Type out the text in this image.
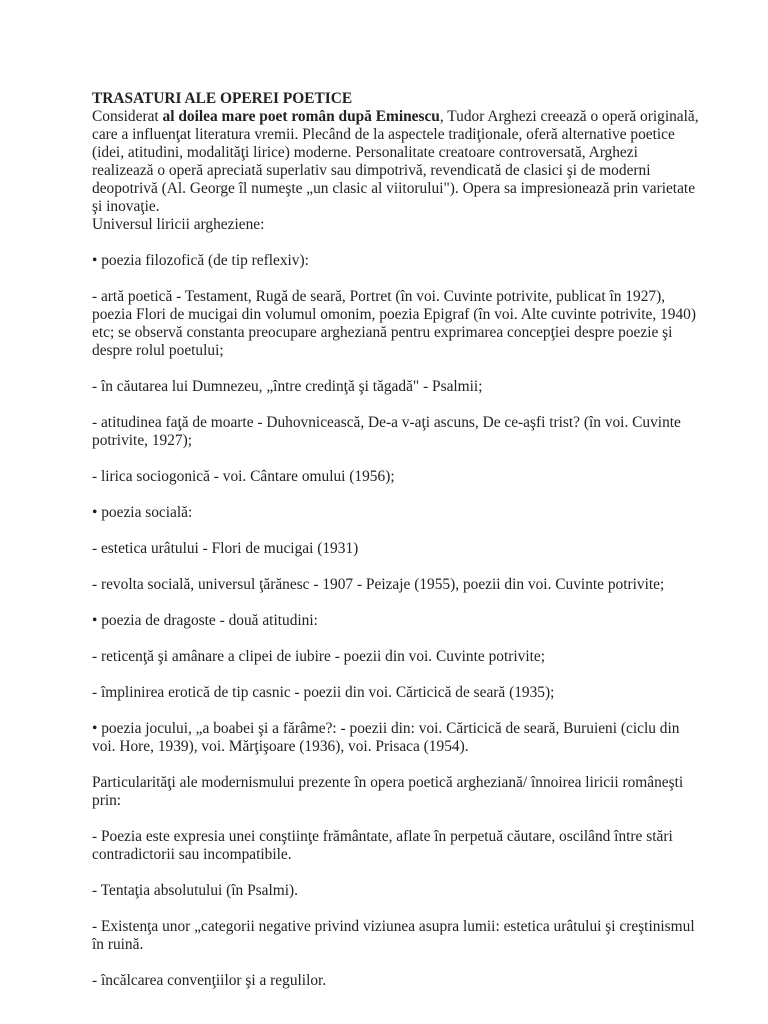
TRASATURI ALE OPEREI POETICE

Considerat al doilea mare poet român după Eminescu, Tudor Arghezi creează o operă originală, care a influenţat literatura vremii. Plecând de la aspectele tradiţionale, oferă alternative poetice (idei, atitudini, modalităţi lirice) moderne. Personalitate creatoare controversată, Arghezi realizează o operă apreciată superlativ sau dimpotrivă, revendicată de clasici şi de moderni deopotrivă (Al. George îl numeşte „un clasic al viitorului"). Opera sa impresionează prin varietate şi inovaţie.

Universul liricii argheziene:

• poezia filozofică (de tip reflexiv):

- artă poetică - Testament, Rugă de seară, Portret (în voi. Cuvinte potrivite, publicat în 1927), poezia Flori de mucigai din volumul omonim, poezia Epigraf (în voi. Alte cuvinte potrivite, 1940) etc; se observă constanta preocupare argheziană pentru exprimarea concepţiei despre poezie şi despre rolul poetului;

- în căutarea lui Dumnezeu, „între credinţă şi tăgadă" - Psalmii;

- atitudinea faţă de moarte - Duhovnicească, De-a v-aţi ascuns, De ce-aşfi trist? (în voi. Cuvinte potrivite, 1927);

- lirica sociogonică - voi. Cântare omului (1956);

• poezia socială:

- estetica urâtului - Flori de mucigai (1931)

- revolta socială, universul ţărănesc - 1907 - Peizaje (1955), poezii din voi. Cuvinte potrivite;

• poezia de dragoste - două atitudini:

- reticenţă şi amânare a clipei de iubire - poezii din voi. Cuvinte potrivite;

- împlinirea erotică de tip casnic - poezii din voi. Cărticică de seară (1935);

• poezia jocului, „a boabei şi a fărâme?: - poezii din: voi. Cărticică de seară, Buruieni (ciclu din voi. Hore, 1939), voi. Mărţişoare (1936), voi. Prisaca (1954).

Particularităţi ale modernismului prezente în opera poetică argheziană/ înnoirea liricii româneşti prin:

- Poezia este expresia unei conştiinţe frământate, aflate în perpetuă căutare, oscilând între stări contradictorii sau incompatibile.

- Tentaţia absolutului (în Psalmi).

- Existenţa unor „categorii negative privind viziunea asupra lumii: estetica urâtului şi creştinismul în ruină.

- încălcarea convenţiilor şi a regulilor.
